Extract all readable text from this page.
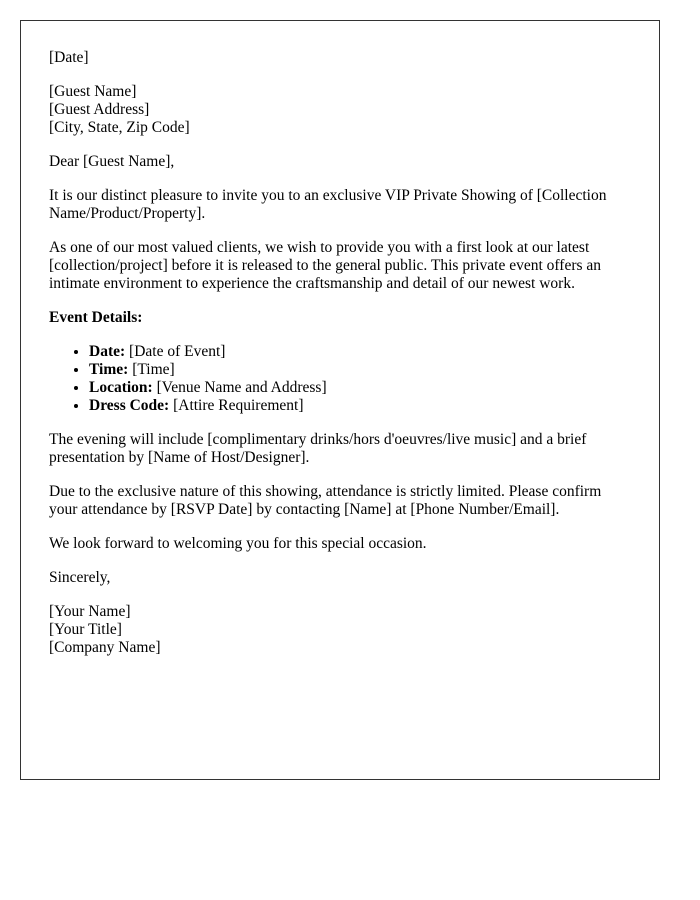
[Date]

[Guest Name]
[Guest Address]
[City, State, Zip Code]

Dear [Guest Name],

It is our distinct pleasure to invite you to an exclusive VIP Private Showing of [Collection Name/Product/Property].

As one of our most valued clients, we wish to provide you with a first look at our latest [collection/project] before it is released to the general public. This private event offers an intimate environment to experience the craftsmanship and detail of our newest work.

Event Details:

• Date: [Date of Event]
• Time: [Time]
• Location: [Venue Name and Address]
• Dress Code: [Attire Requirement]

The evening will include [complimentary drinks/hors d'oeuvres/live music] and a brief presentation by [Name of Host/Designer].

Due to the exclusive nature of this showing, attendance is strictly limited. Please confirm your attendance by [RSVP Date] by contacting [Name] at [Phone Number/Email].

We look forward to welcoming you for this special occasion.

Sincerely,

[Your Name]
[Your Title]
[Company Name]
